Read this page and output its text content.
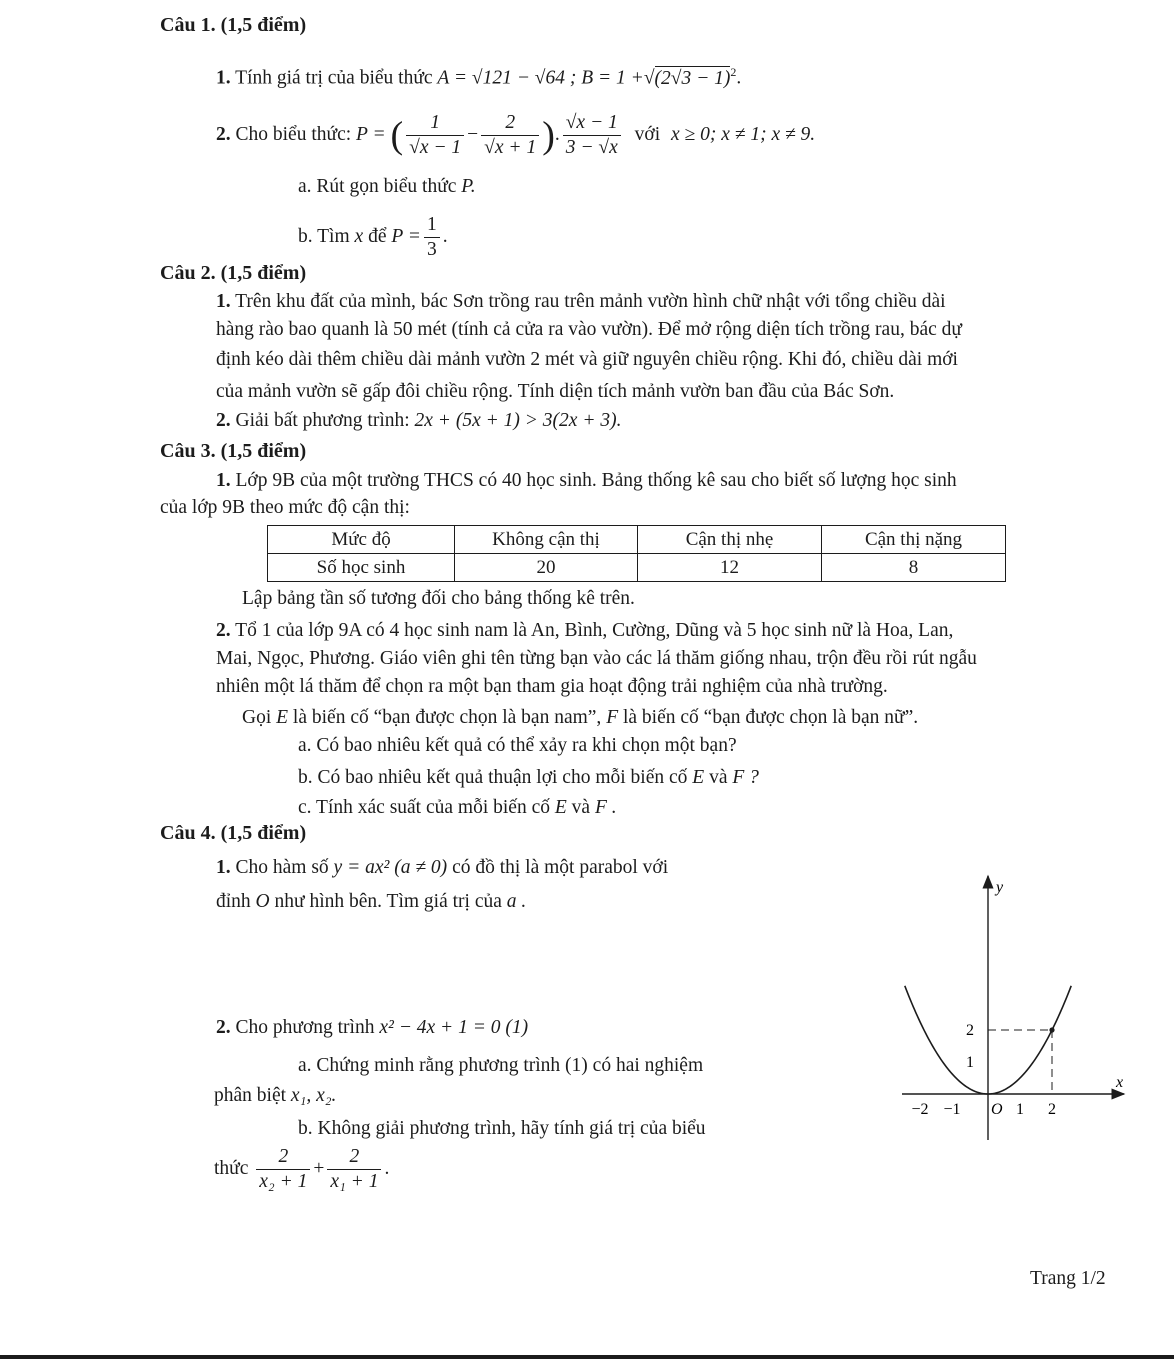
Câu 1. (1,5 điểm)
1. Tính giá trị của biểu thức A = √121 − √64 ; $B = 1 +√(2√3 - 1)^2$.
2. Cho biểu thức: P = ( $\frac{1}{√x - 1} - \frac{2}{√x + 1}$ ). $\frac{√x - 1}{3 - √x}$ với x ≥ 0; x ≠ 1; x ≠ 9.
a. Rút gọn biểu thức P.
b. Tìm x để $P = \frac{1}{3}$ .
Câu 2. (1,5 điểm)
1. Trên khu đất của mình, bác Sơn trồng rau trên mảnh vườn hình chữ nhật với tổng chiều dài
hàng rào bao quanh là 50 mét (tính cả cửa ra vào vườn). Để mở rộng diện tích trồng rau, bác dự
định kéo dài thêm chiều dài mảnh vườn 2 mét và giữ nguyên chiều rộng. Khi đó, chiều dài mới
của mảnh vườn sẽ gấp đôi chiều rộng. Tính diện tích mảnh vườn ban đầu của Bác Sơn.
2. Giải bất phương trình: 2x + (5x + 1) > 3(2x + 3).
Câu 3. (1,5 điểm)
1. Lớp 9B của một trường THCS có 40 học sinh. Bảng thống kê sau cho biết số lượng học sinh
của lớp 9B theo mức độ cận thị:
Mức độ	Không cận thị	Cận thị nhẹ	Cận thị nặng
Số học sinh	20	12	8
Lập bảng tần số tương đối cho bảng thống kê trên.
2. Tổ 1 của lớp 9A có 4 học sinh nam là An, Bình, Cường, Dũng và 5 học sinh nữ là Hoa, Lan,
Mai, Ngọc, Phương. Giáo viên ghi tên từng bạn vào các lá thăm giống nhau, trộn đều rồi rút ngẫu
nhiên một lá thăm để chọn ra một bạn tham gia hoạt động trải nghiệm của nhà trường.
Gọi E là biến cố “bạn được chọn là bạn nam”, F là biến cố “bạn được chọn là bạn nữ”.
a. Có bao nhiêu kết quả có thể xảy ra khi chọn một bạn?
b. Có bao nhiêu kết quả thuận lợi cho mỗi biến cố E và F ?
c. Tính xác suất của mỗi biến cố E và F .
Câu 4. (1,5 điểm)
1. Cho hàm số y = ax² (a ≠ 0) có đồ thị là một parabol với
đỉnh O như hình bên. Tìm giá trị của a .
2. Cho phương trình x² − 4x + 1 = 0 (1)
a. Chứng minh rằng phương trình (1) có hai nghiệm
phân biệt x₁, x₂.
b. Không giải phương trình, hãy tính giá trị của biểu
thức $\frac{2}{\text{x₂ + 1}} + \frac{2}{\text{x₁ + 1}}$ .
y
x
O
−2 −1	1 2
1
2
Trang 1/2
